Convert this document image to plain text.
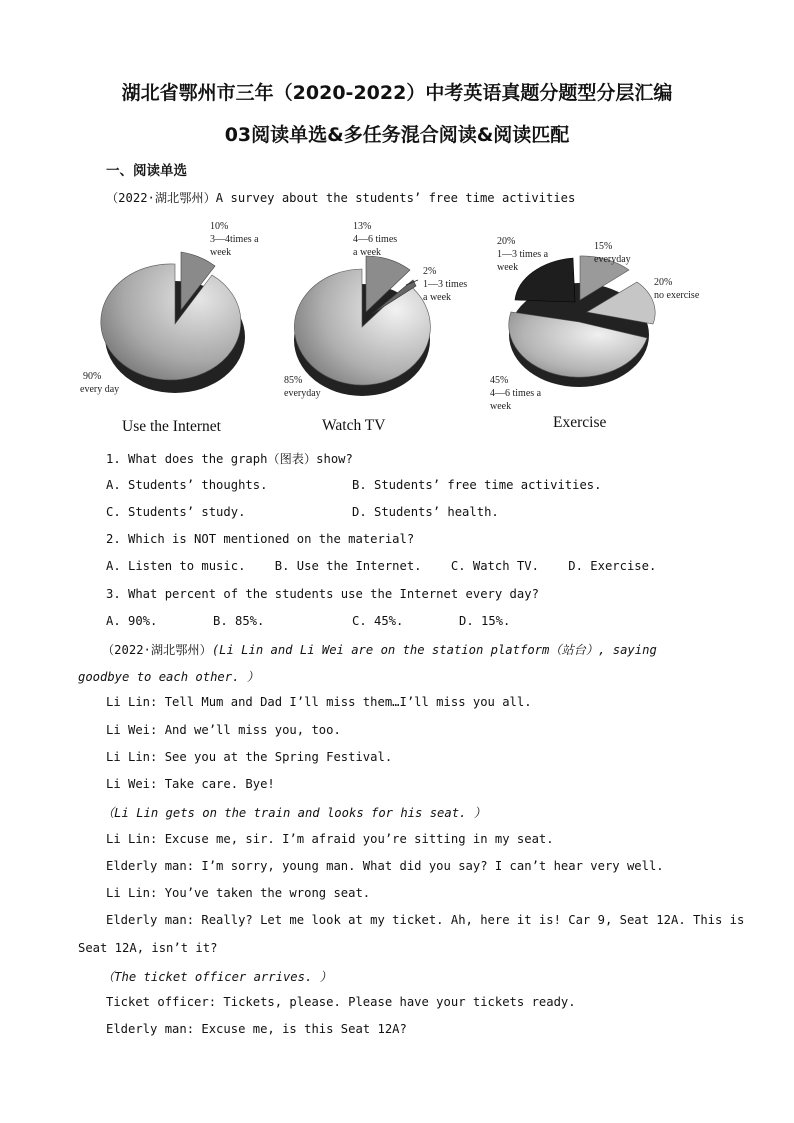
湖北省鄂州市三年（2020-2022）中考英语真题分题型分层汇编
03阅读单选&多任务混合阅读&阅读匹配
一、阅读单选
（2022·湖北鄂州）A survey about the students’ free time activities
10%
3—4times a
week
90%
every day
Use the Internet
13%
4—6 times
a week
2%
1—3 times
a week
85%
everyday
Watch TV
20%
1—3 times a
week
15%
everyday
20%
no exercise
45%
4—6 times a
week
Exercise
1. What does the graph（图表）show?
A. Students’ thoughts.	B. Students’ free time activities.
C. Students’ study.	D. Students’ health.
2. Which is NOT mentioned on the material?
A. Listen to music.    B. Use the Internet.    C. Watch TV.    D. Exercise.
3. What percent of the students use the Internet every day?
A. 90%.	B. 85%.	C. 45%.	D. 15%.
（2022·湖北鄂州）(Li Lin and Li Wei are on the station platform（站台）, saying
goodbye to each other. ）
Li Lin: Tell Mum and Dad I’ll miss them…I’ll miss you all.
Li Wei: And we’ll miss you, too.
Li Lin: See you at the Spring Festival.
Li Wei: Take care. Bye!
（Li Lin gets on the train and looks for his seat. ）
Li Lin: Excuse me, sir. I’m afraid you’re sitting in my seat.
Elderly man: I’m sorry, young man. What did you say? I can’t hear very well.
Li Lin: You’ve taken the wrong seat.
Elderly man: Really? Let me look at my ticket. Ah, here it is! Car 9, Seat 12A. This is
Seat 12A, isn’t it?
（The ticket officer arrives. ）
Ticket officer: Tickets, please. Please have your tickets ready.
Elderly man: Excuse me, is this Seat 12A?
